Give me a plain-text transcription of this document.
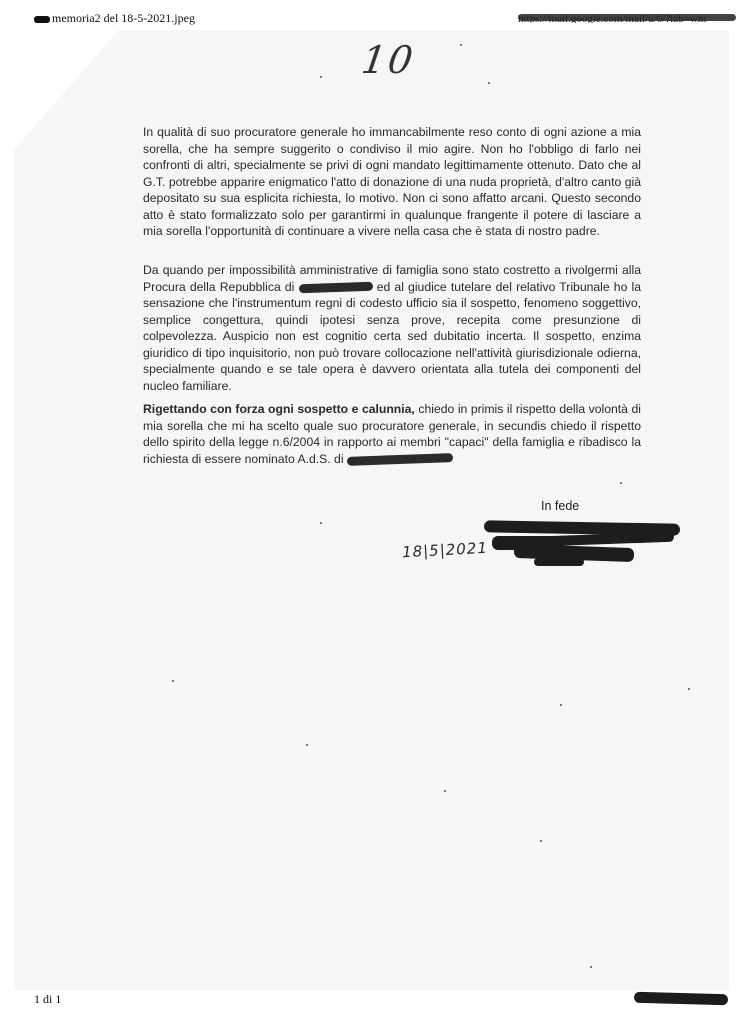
memoria2 del 18-5-2021.jpeg
10
In qualità di suo procuratore generale ho immancabilmente reso conto di ogni azione a mia sorella, che ha sempre suggerito o condiviso il mio agire. Non ho l'obbligo di farlo nei confronti di altri, specialmente se privi di ogni mandato legittimamente ottenuto. Dato che al G.T. potrebbe apparire enigmatico l'atto di donazione di una nuda proprietà, d'altro canto già depositato su sua esplicita richiesta, lo motivo. Non ci sono affatto arcani. Questo secondo atto è stato formalizzato solo per garantirmi in qualunque frangente il potere di lasciare a mia sorella l'opportunità di continuare a vivere nella casa che è stata di nostro padre.
Da quando per impossibilità amministrative di famiglia sono stato costretto a rivolgermi alla Procura della Repubblica di	ed al giudice tutelare del relativo Tribunale ho la sensazione che l'instrumentum regni di codesto ufficio sia il sospetto, fenomeno soggettivo, semplice congettura, quindi ipotesi senza prove, recepita come presunzione di colpevolezza. Auspicio non est cognitio certa sed dubitatio incerta. Il sospetto, enzima giuridico di tipo inquisitorio, non può trovare collocazione nell'attività giurisdizionale odierna, specialmente quando e se tale opera è davvero orientata alla tutela dei componenti del nucleo familiare.
Rigettando con forza ogni sospetto e calunnia, chiedo in primis il rispetto della volontà di mia sorella che mi ha scelto quale suo procuratore generale, in secundis chiedo il rispetto dello spirito della legge n.6/2004 in rapporto ai membri "capaci" della famiglia e ribadisco la richiesta di essere nominato A.d.S. di
In fede
18|5|2021
1 di 1
